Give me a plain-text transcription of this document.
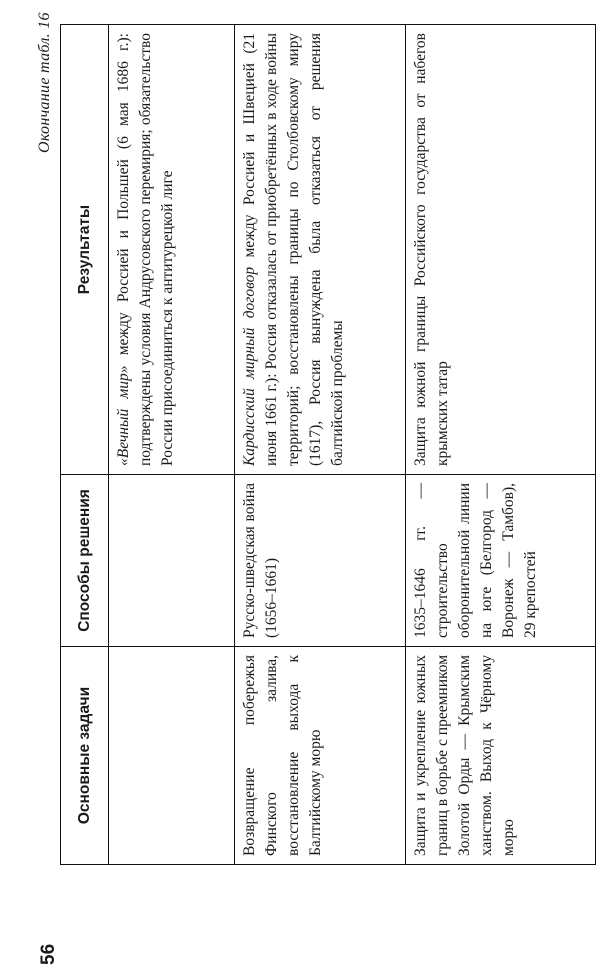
56
Окончание табл. 16
Основные задачи	Способы решения	Результаты
		«Вечный мир» между Россией и Польшей (6 мая 1686 г.): подтверждены условия Андрусовского перемирия; обязательство России присоединиться к антитурецкой лиге
Возвращение побережья Финского залива, восстановление выхода к Балтийскому морю	Русско-шведская война (1656–1661)	Кардисский мирный договор между Россией и Швецией (21 июня 1661 г.): Россия отказалась от приобретённых в ходе войны территорий; восстановлены границы по Столбовскому миру (1617), Россия вынуждена была отказаться от решения балтийской проблемы
Защита и укрепление южных границ в борьбе с преемником Золотой Орды — Крымским ханством. Выход к Чёрному морю	1635–1646 гг. — строительство оборонительной линии на юге (Белгород — Воронеж — Тамбов), 29 крепостей	Защита южной границы Российского государства от набегов крымских татар
